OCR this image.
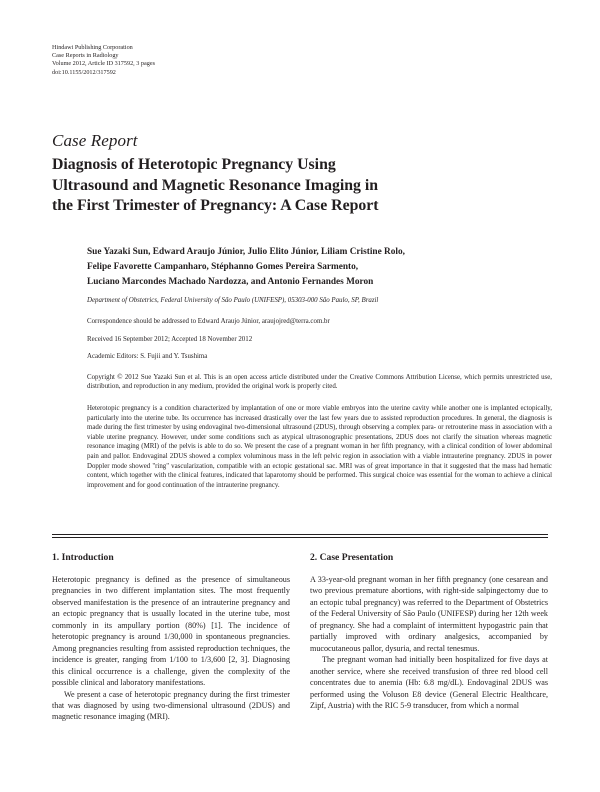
Hindawi Publishing Corporation
Case Reports in Radiology
Volume 2012, Article ID 317592, 3 pages
doi:10.1155/2012/317592
Case Report
Diagnosis of Heterotopic Pregnancy Using
Ultrasound and Magnetic Resonance Imaging in
the First Trimester of Pregnancy: A Case Report
Sue Yazaki Sun, Edward Araujo Júnior, Julio Elito Júnior, Liliam Cristine Rolo,
Felipe Favorette Campanharo, Stéphanno Gomes Pereira Sarmento,
Luciano Marcondes Machado Nardozza, and Antonio Fernandes Moron
Department of Obstetrics, Federal University of São Paulo (UNIFESP), 05303-000 São Paulo, SP, Brazil
Correspondence should be addressed to Edward Araujo Júnior, araujojred@terra.com.br
Received 16 September 2012; Accepted 18 November 2012
Academic Editors: S. Fujii and Y. Tsushima
Copyright © 2012 Sue Yazaki Sun et al. This is an open access article distributed under the Creative Commons Attribution License, which permits unrestricted use, distribution, and reproduction in any medium, provided the original work is properly cited.
Heterotopic pregnancy is a condition characterized by implantation of one or more viable embryos into the uterine cavity while another one is implanted ectopically, particularly into the uterine tube. Its occurrence has increased drastically over the last few years due to assisted reproduction procedures. In general, the diagnosis is made during the first trimester by using endovaginal two-dimensional ultrasound (2DUS), through observing a complex para- or retrouterine mass in association with a viable uterine pregnancy. However, under some conditions such as atypical ultrasonographic presentations, 2DUS does not clarify the situation whereas magnetic resonance imaging (MRI) of the pelvis is able to do so. We present the case of a pregnant woman in her fifth pregnancy, with a clinical condition of lower abdominal pain and pallor. Endovaginal 2DUS showed a complex voluminous mass in the left pelvic region in association with a viable intrauterine pregnancy. 2DUS in power Doppler mode showed "ring" vascularization, compatible with an ectopic gestational sac. MRI was of great importance in that it suggested that the mass had hematic content, which together with the clinical features, indicated that laparotomy should be performed. This surgical choice was essential for the woman to achieve a clinical improvement and for good continuation of the intrauterine pregnancy.
1. Introduction	2. Case Presentation

Heterotopic pregnancy is defined as the presence of simultaneous pregnancies in two different implantation sites. The most frequently observed manifestation is the presence of an intrauterine pregnancy and an ectopic pregnancy that is usually located in the uterine tube, most commonly in its ampullary portion (80%) [1]. The incidence of heterotopic pregnancy is around 1/30,000 in spontaneous pregnancies. Among pregnancies resulting from assisted reproduction techniques, the incidence is greater, ranging from 1/100 to 1/3,600 [2, 3]. Diagnosing this clinical occurrence is a challenge, given the complexity of the possible clinical and laboratory manifestations.

We present a case of heterotopic pregnancy during the first trimester that was diagnosed by using two-dimensional ultrasound (2DUS) and magnetic resonance imaging (MRI).

A 33-year-old pregnant woman in her fifth pregnancy (one cesarean and two previous premature abortions, with right-side salpingectomy due to an ectopic tubal pregnancy) was referred to the Department of Obstetrics of the Federal University of São Paulo (UNIFESP) during her 12th week of pregnancy. She had a complaint of intermittent hypogastric pain that partially improved with ordinary analgesics, accompanied by mucocutaneous pallor, dysuria, and rectal tenesmus.

The pregnant woman had initially been hospitalized for five days at another service, where she received transfusion of three red blood cell concentrates due to anemia (Hb: 6.8 mg/dL). Endovaginal 2DUS was performed using the Voluson E8 device (General Electric Healthcare, Zipf, Austria) with the RIC 5-9 transducer, from which a normal
